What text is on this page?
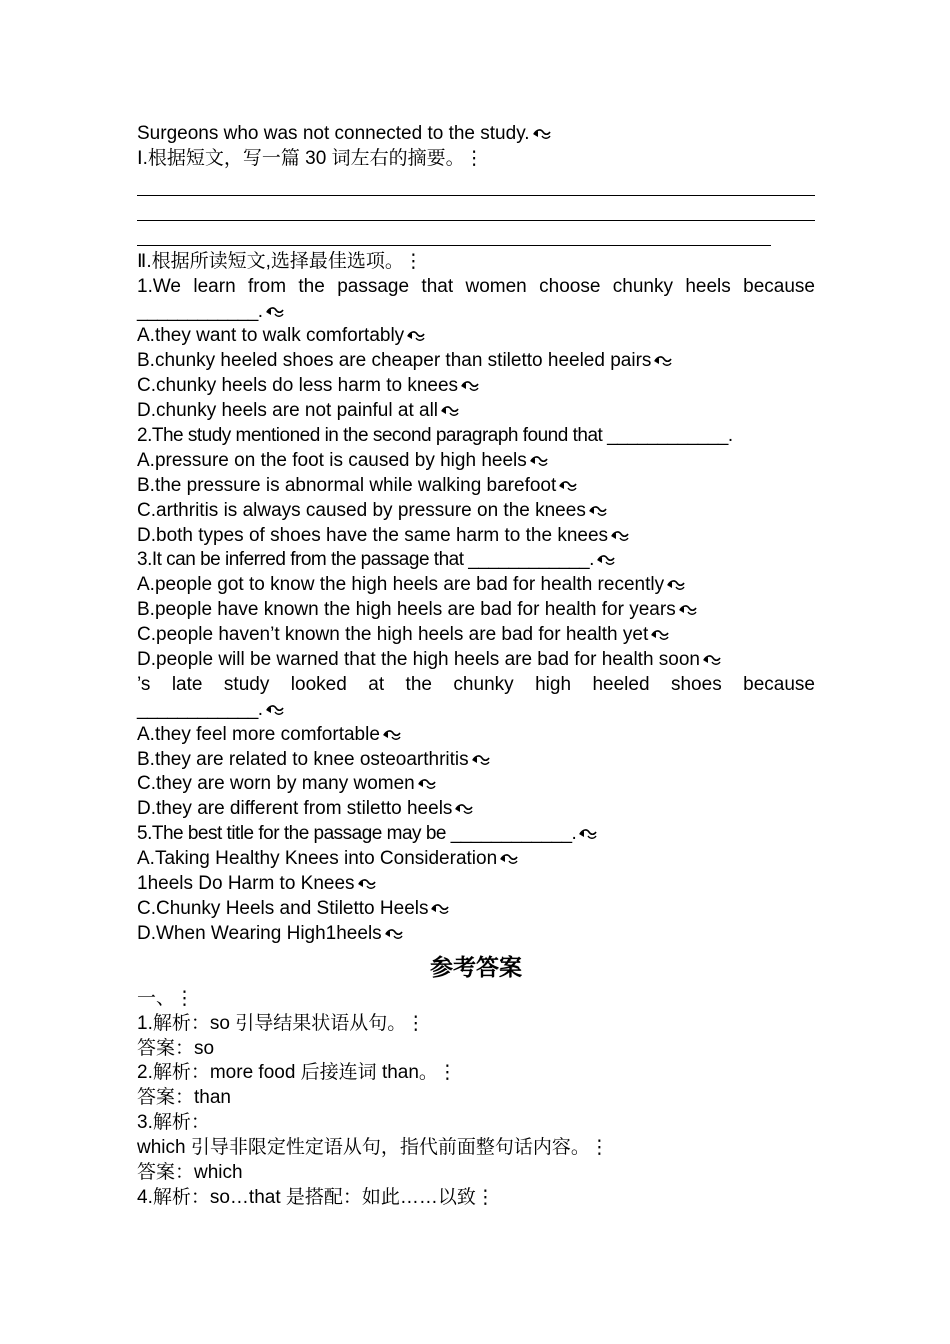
Surgeons who was not connected to the study.
Ⅰ.根据短文，写一篇 30 词左右的摘要。⋮
Ⅱ.根据所读短文,选择最佳选项。⋮
1.We learn from the passage that women choose chunky heels because
____________.
A.they want to walk comfortably
B.chunky heeled shoes are cheaper than stiletto heeled pairs
C.chunky heels do less harm to knees
D.chunky heels are not painful at all
2.The study mentioned in the second paragraph found that ____________.
A.pressure on the foot is caused by high heels
B.the pressure is abnormal while walking barefoot
C.arthritis is always caused by pressure on the knees
D.both types of shoes have the same harm to the knees
3.It can be inferred from the passage that ____________.
A.people got to know the high heels are bad for health recently
B.people have known the high heels are bad for health for years
C.people haven’t known the high heels are bad for health yet
D.people will be warned that the high heels are bad for health soon
’s late study looked at the chunky high heeled shoes because
____________.
A.they feel more comfortable
B.they are related to knee osteoarthritis
C.they are worn by many women
D.they are different from stiletto heels
5.The best title for the passage may be ____________.
A.Taking Healthy Knees into Consideration
1heels Do Harm to Knees
C.Chunky Heels and Stiletto Heels
D.When Wearing High1heels
参考答案
一、⋮
1.解析：so 引导结果状语从句。⋮
答案：so
2.解析：more food 后接连词 than。⋮
答案：than
3.解析：
which 引导非限定性定语从句，指代前面整句话内容。⋮
答案：which
4.解析：so…that 是搭配：如此……以致⋮
